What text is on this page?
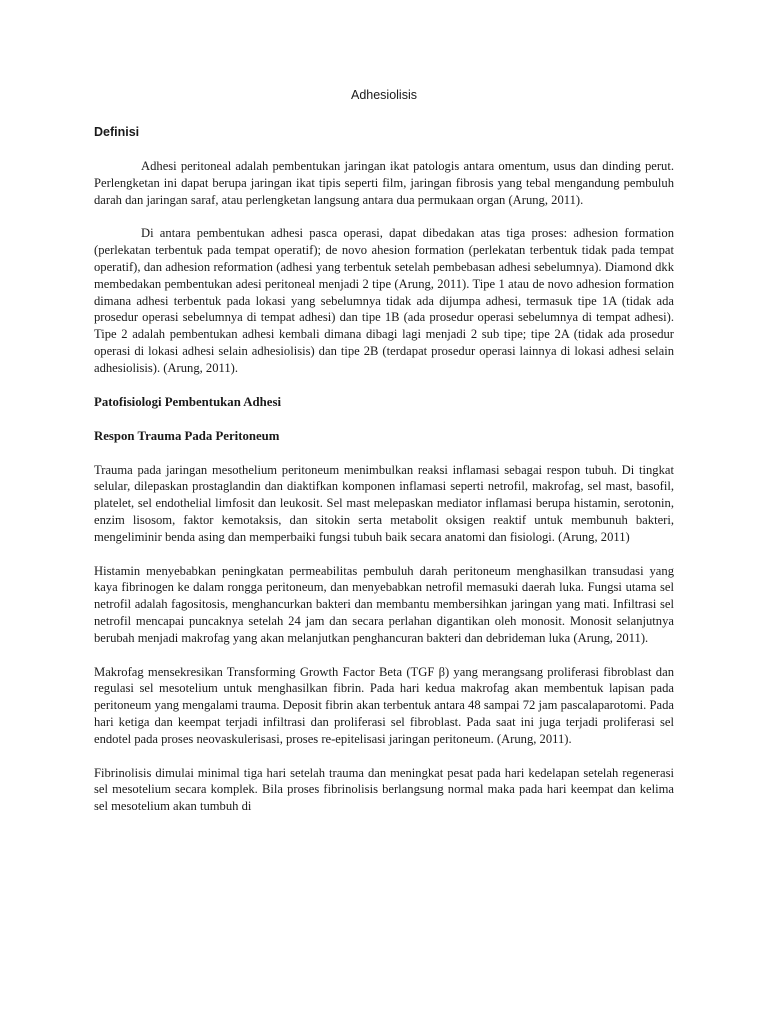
Adhesiolisis
Definisi

Adhesi peritoneal adalah pembentukan jaringan ikat patologis antara omentum, usus dan dinding perut. Perlengketan ini dapat berupa jaringan ikat tipis seperti film, jaringan fibrosis yang tebal mengandung pembuluh darah dan jaringan saraf, atau perlengketan langsung antara dua permukaan organ (Arung, 2011).

Di antara pembentukan adhesi pasca operasi, dapat dibedakan atas tiga proses: adhesion formation (perlekatan terbentuk pada tempat operatif); de novo ahesion formation (perlekatan terbentuk tidak pada tempat operatif), dan adhesion reformation (adhesi yang terbentuk setelah pembebasan adhesi sebelumnya). Diamond dkk membedakan pembentukan adesi peritoneal menjadi 2 tipe (Arung, 2011). Tipe 1 atau de novo adhesion formation dimana adhesi terbentuk pada lokasi yang sebelumnya tidak ada dijumpa adhesi, termasuk tipe 1A (tidak ada prosedur operasi sebelumnya di tempat adhesi) dan tipe 1B (ada prosedur operasi sebelumnya di tempat adhesi). Tipe 2 adalah pembentukan adhesi kembali dimana dibagi lagi menjadi 2 sub tipe; tipe 2A (tidak ada prosedur operasi di lokasi adhesi selain adhesiolisis) dan tipe 2B (terdapat prosedur operasi lainnya di lokasi adhesi selain adhesiolisis). (Arung, 2011).

Patofisiologi Pembentukan Adhesi
Respon Trauma Pada Peritoneum

Trauma pada jaringan mesothelium peritoneum menimbulkan reaksi inflamasi sebagai respon tubuh. Di tingkat selular, dilepaskan prostaglandin dan diaktifkan komponen inflamasi seperti netrofil, makrofag, sel mast, basofil, platelet, sel endothelial limfosit dan leukosit. Sel mast melepaskan mediator inflamasi berupa histamin, serotonin, enzim lisosom, faktor kemotaksis, dan sitokin serta metabolit oksigen reaktif untuk membunuh bakteri, mengeliminir benda asing dan memperbaiki fungsi tubuh baik secara anatomi dan fisiologi. (Arung, 2011)

Histamin menyebabkan peningkatan permeabilitas pembuluh darah peritoneum menghasilkan transudasi yang kaya fibrinogen ke dalam rongga peritoneum, dan menyebabkan netrofil memasuki daerah luka. Fungsi utama sel netrofil adalah fagositosis, menghancurkan bakteri dan membantu membersihkan jaringan yang mati. Infiltrasi sel netrofil mencapai puncaknya setelah 24 jam dan secara perlahan digantikan oleh monosit. Monosit selanjutnya berubah menjadi makrofag yang akan melanjutkan penghancuran bakteri dan debrideman luka (Arung, 2011).

Makrofag mensekresikan Transforming Growth Factor Beta (TGF β) yang merangsang proliferasi fibroblast dan regulasi sel mesotelium untuk menghasilkan fibrin. Pada hari kedua makrofag akan membentuk lapisan pada peritoneum yang mengalami trauma. Deposit fibrin akan terbentuk antara 48 sampai 72 jam pascalaparotomi. Pada hari ketiga dan keempat terjadi infiltrasi dan proliferasi sel fibroblast. Pada saat ini juga terjadi proliferasi sel endotel pada proses neovaskulerisasi, proses re-epitelisasi jaringan peritoneum. (Arung, 2011).

Fibrinolisis dimulai minimal tiga hari setelah trauma dan meningkat pesat pada hari kedelapan setelah regenerasi sel mesotelium secara komplek. Bila proses fibrinolisis berlangsung normal maka pada hari keempat dan kelima sel mesotelium akan tumbuh di
